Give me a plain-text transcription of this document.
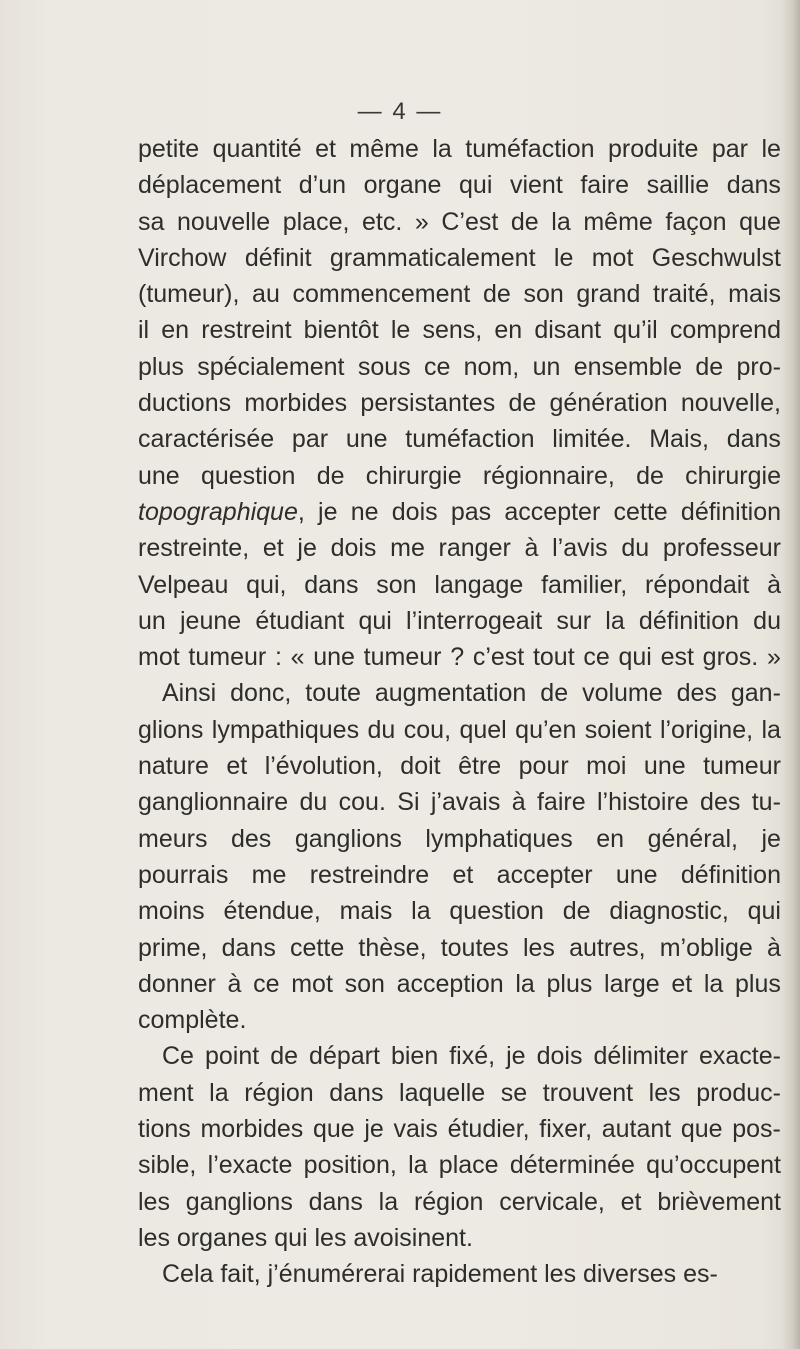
— 4 —
petite quantité et même la tuméfaction produite par le
déplacement d’un organe qui vient faire saillie dans
sa nouvelle place, etc. » C’est de la même façon que
Virchow définit grammaticalement le mot Geschwulst
(tumeur), au commencement de son grand traité, mais
il en restreint bientôt le sens, en disant qu’il comprend
plus spécialement sous ce nom, un ensemble de pro-
ductions morbides persistantes de génération nouvelle,
caractérisée par une tuméfaction limitée. Mais, dans
une question de chirurgie régionnaire, de chirurgie
topographique, je ne dois pas accepter cette définition
restreinte, et je dois me ranger à l’avis du professeur
Velpeau qui, dans son langage familier, répondait à
un jeune étudiant qui l’interrogeait sur la définition du
mot tumeur : « une tumeur ? c’est tout ce qui est gros. »
Ainsi donc, toute augmentation de volume des gan-
glions lympathiques du cou, quel qu’en soient l’origine, la
nature et l’évolution, doit être pour moi une tumeur
ganglionnaire du cou. Si j’avais à faire l’histoire des tu-
meurs des ganglions lymphatiques en général, je
pourrais me restreindre et accepter une définition
moins étendue, mais la question de diagnostic, qui
prime, dans cette thèse, toutes les autres, m’oblige à
donner à ce mot son acception la plus large et la plus
complète.
Ce point de départ bien fixé, je dois délimiter exacte-
ment la région dans laquelle se trouvent les produc-
tions morbides que je vais étudier, fixer, autant que pos-
sible, l’exacte position, la place déterminée qu’occupent
les ganglions dans la région cervicale, et brièvement
les organes qui les avoisinent.
Cela fait, j’énumérerai rapidement les diverses es-
